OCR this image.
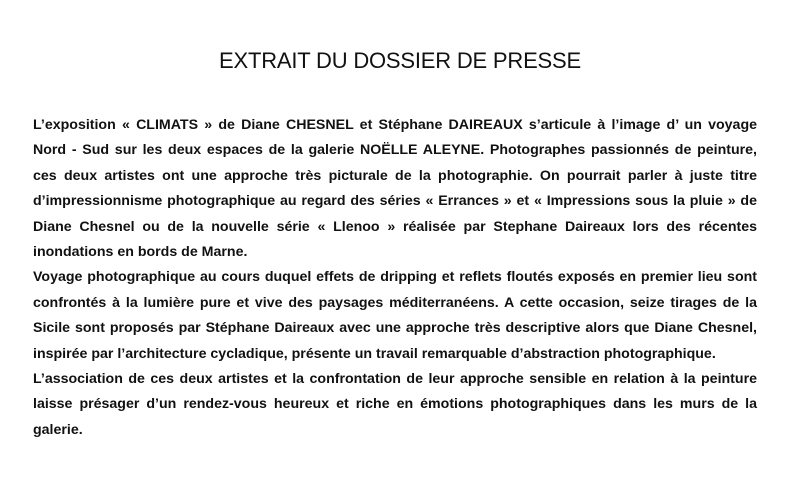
EXTRAIT DU DOSSIER DE PRESSE

L’exposition « CLIMATS » de Diane CHESNEL et Stéphane DAIREAUX s’articule à l’image d’ un voyage Nord - Sud sur les deux espaces de la galerie NOËLLE ALEYNE. Photographes passionnés de peinture, ces deux artistes ont une approche très picturale de la photographie. On pourrait parler à juste titre d’impressionnisme photographique au regard des séries « Errances » et « Impressions sous la pluie » de Diane Chesnel ou de la nouvelle série « Llenoo » réalisée par Stephane Daireaux lors des récentes inondations en bords de Marne.

Voyage photographique au cours duquel effets de dripping et reflets floutés exposés en premier lieu sont confrontés à la lumière pure et vive des paysages méditerranéens. A cette occasion, seize tirages de la Sicile sont proposés par Stéphane Daireaux avec une approche très descriptive alors que Diane Chesnel, inspirée par l’architecture cycladique, présente un travail remarquable d’abstraction photographique.

L’association de ces deux artistes et la confrontation de leur approche sensible en relation à la peinture laisse présager d’un rendez-vous heureux et riche en émotions photographiques dans les murs de la galerie.
